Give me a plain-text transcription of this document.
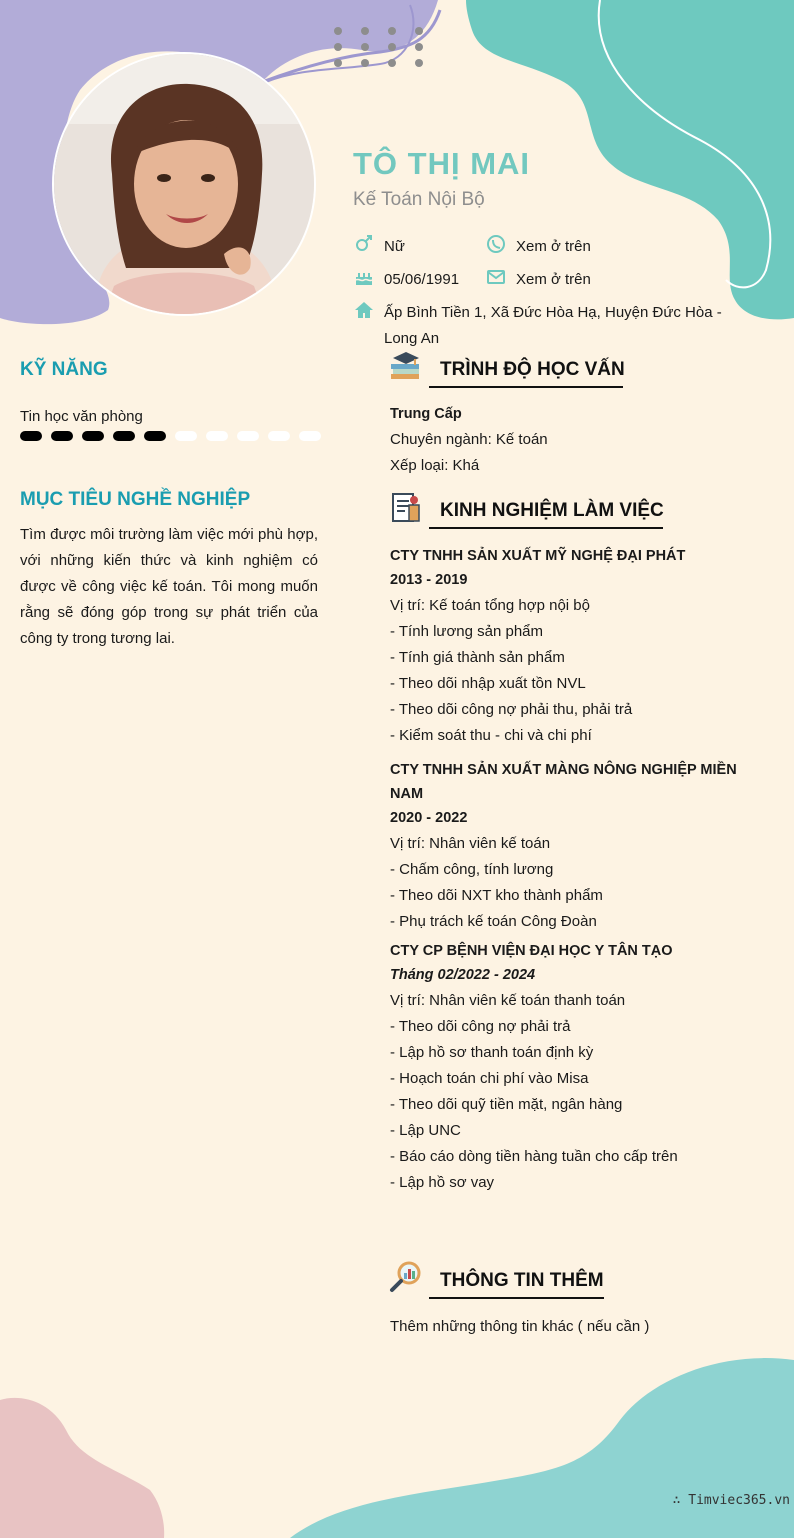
TÔ THỊ MAI
Kế Toán Nội Bộ
Nữ	Xem ở trên
05/06/1991	Xem ở trên
Ấp Bình Tiền 1, Xã Đức Hòa Hạ, Huyện Đức Hòa -
Long An
KỸ NĂNG
Tin học văn phòng
MỤC TIÊU NGHỀ NGHIỆP
Tìm được môi trường làm việc mới phù hợp, với những kiến thức và kinh nghiệm có được về công việc kế toán. Tôi mong muốn rằng sẽ đóng góp trong sự phát triển của công ty trong tương lai.
TRÌNH ĐỘ HỌC VẤN
Trung Cấp
Chuyên ngành: Kế toán
Xếp loại: Khá
KINH NGHIỆM LÀM VIỆC
CTY TNHH SẢN XUẤT MỸ NGHỆ ĐẠI PHÁT
2013 - 2019
Vị trí: Kế toán tổng hợp nội bộ
- Tính lương sản phẩm
- Tính giá thành sản phẩm
- Theo dõi nhập xuất tồn NVL
- Theo dõi công nợ phải thu, phải trả
- Kiểm soát thu - chi và chi phí
CTY TNHH SẢN XUẤT MÀNG NÔNG NGHIỆP MIỀN
NAM
2020 - 2022
Vị trí: Nhân viên kế toán
- Chấm công, tính lương
- Theo dõi NXT kho thành phẩm
- Phụ trách kế toán Công Đoàn
CTY CP BỆNH VIỆN ĐẠI HỌC Y TÂN TẠO
Tháng 02/2022 - 2024
Vị trí: Nhân viên kế toán thanh toán
- Theo dõi công nợ phải trả
- Lập hồ sơ thanh toán định kỳ
- Hoạch toán chi phí vào Misa
- Theo dõi quỹ tiền mặt, ngân hàng
- Lập UNC
- Báo cáo dòng tiền hàng tuần cho cấp trên
- Lập hồ sơ vay
THÔNG TIN THÊM
Thêm những thông tin khác ( nếu cần )
∴ Timviec365.vn
